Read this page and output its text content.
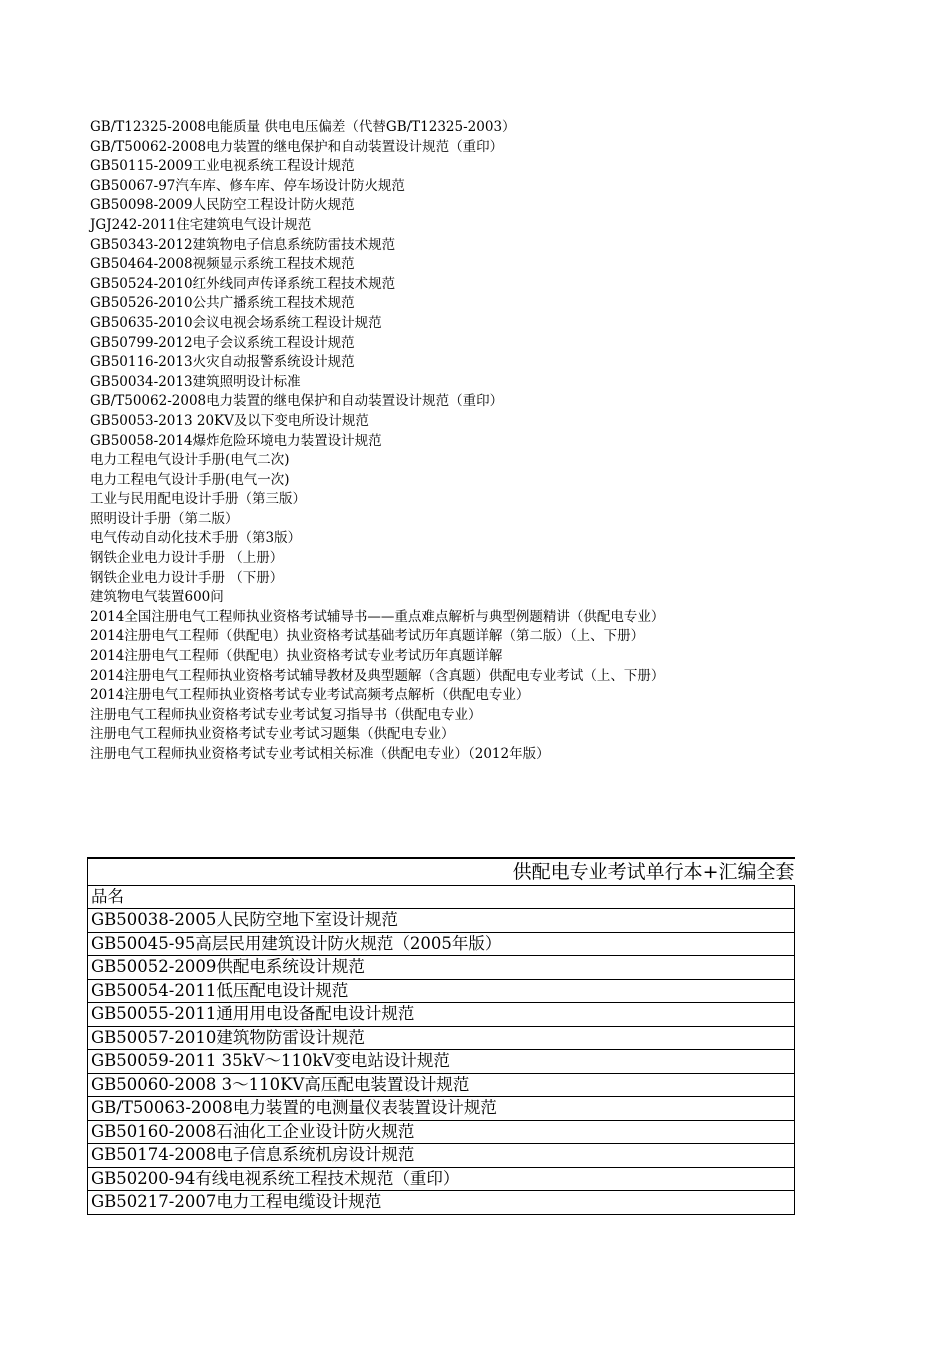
GB/T12325-2008电能质量 供电电压偏差（代替GB/T12325-2003）
GB/T50062-2008电力装置的继电保护和自动装置设计规范（重印）
GB50115-2009工业电视系统工程设计规范
GB50067-97汽车库、修车库、停车场设计防火规范
GB50098-2009人民防空工程设计防火规范
JGJ242-2011住宅建筑电气设计规范
GB50343-2012建筑物电子信息系统防雷技术规范
GB50464-2008视频显示系统工程技术规范
GB50524-2010红外线同声传译系统工程技术规范
GB50526-2010公共广播系统工程技术规范
GB50635-2010会议电视会场系统工程设计规范
GB50799-2012电子会议系统工程设计规范
GB50116-2013火灾自动报警系统设计规范
GB50034-2013建筑照明设计标准
GB/T50062-2008电力装置的继电保护和自动装置设计规范（重印）
GB50053-2013 20KV及以下变电所设计规范
GB50058-2014爆炸危险环境电力装置设计规范
电力工程电气设计手册(电气二次)
电力工程电气设计手册(电气一次)
工业与民用配电设计手册（第三版）
照明设计手册（第二版）
电气传动自动化技术手册（第3版）
钢铁企业电力设计手册 （上册）
钢铁企业电力设计手册 （下册）
建筑物电气装置600问
2014全国注册电气工程师执业资格考试辅导书——重点难点解析与典型例题精讲（供配电专业）
2014注册电气工程师（供配电）执业资格考试基础考试历年真题详解（第二版）（上、下册）
2014注册电气工程师（供配电）执业资格考试专业考试历年真题详解
2014注册电气工程师执业资格考试辅导教材及典型题解（含真题）供配电专业考试（上、下册）
2014注册电气工程师执业资格考试专业考试高频考点解析（供配电专业）
注册电气工程师执业资格考试专业考试复习指导书（供配电专业）
注册电气工程师执业资格考试专业考试习题集（供配电专业）
注册电气工程师执业资格考试专业考试相关标准（供配电专业）（2012年版）
供配电专业考试单行本+汇编全套
品名
GB50038-2005人民防空地下室设计规范
GB50045-95高层民用建筑设计防火规范（2005年版）
GB50052-2009供配电系统设计规范
GB50054-2011低压配电设计规范
GB50055-2011通用用电设备配电设计规范
GB50057-2010建筑物防雷设计规范
GB50059-2011 35kV～110kV变电站设计规范
GB50060-2008 3～110KV高压配电装置设计规范
GB/T50063-2008电力装置的电测量仪表装置设计规范
GB50160-2008石油化工企业设计防火规范
GB50174-2008电子信息系统机房设计规范
GB50200-94有线电视系统工程技术规范（重印）
GB50217-2007电力工程电缆设计规范
